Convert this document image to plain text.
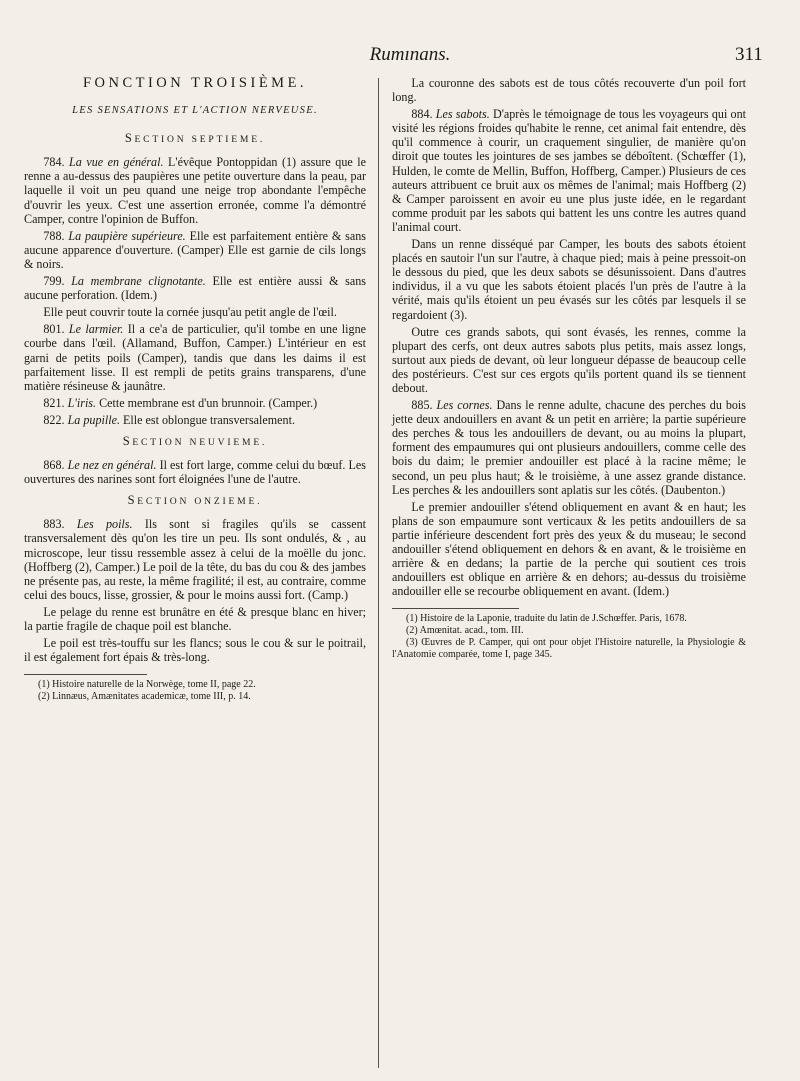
Rumınans.	311
FONCTION TROISIÈME.
LES SENSATIONS ET L'ACTION NERVEUSE.
SECTION SEPTIEME.

784. La vue en général. L'évêque Pontoppidan (1) assure que le renne a au-dessus des paupières une petite ouverture dans la peau, par laquelle il voit un peu quand une neige trop abondante l'empêche d'ouvrir les yeux. C'est une assertion erronée, comme l'a démontré Camper, contre l'opinion de Buffon.

788. La paupière supérieure. Elle est parfaitement entière & sans aucune apparence d'ouverture. (Camper) Elle est garnie de cils longs & noirs.

799. La membrane clignotante. Elle est entière aussi & sans aucune perforation. (Idem.)

Elle peut couvrir toute la cornée jusqu'au petit angle de l'œil.

801. Le larmier. Il a ce'a de particulier, qu'il tombe en une ligne courbe dans l'œil. (Allamand, Buffon, Camper.) L'intérieur en est garni de petits poils (Camper), tandis que dans les daims il est parfaitement lisse. Il est rempli de petits grains transparens, d'une matière résineuse & jaunâtre.

821. L'iris. Cette membrane est d'un brunnoir. (Camper.)

822. La pupille. Elle est oblongue transversalement.

SECTION NEUVIEME.

868. Le nez en général. Il est fort large, comme celui du bœuf. Les ouvertures des narines sont fort éloignées l'une de l'autre.

SECTION ONZIEME.

883. Les poils. Ils sont si fragiles qu'ils se cassent transversalement dès qu'on les tire un peu. Ils sont ondulés, & , au microscope, leur tissu ressemble assez à celui de la moëlle du jonc. (Hoffberg (2), Camper.) Le poil de la tête, du bas du cou & des jambes ne présente pas, au reste, la même fragilité; il est, au contraire, comme celui des boucs, lisse, grossier, & pour le moins aussi fort. (Camp.)

Le pelage du renne est brunâtre en été & presque blanc en hiver; la partie fragile de chaque poil est blanche.

Le poil est très-touffu sur les flancs; sous le cou & sur le poitrail, il est également fort épais & très-long.

(1) Histoire naturelle de la Norwège, tome II, page 22.

(2) Linnæus, Amænitates academicæ, tome III, p. 14.

La couronne des sabots est de tous côtés recouverte d'un poil fort long.

884. Les sabots. D'après le témoignage de tous les voyageurs qui ont visité les régions froides qu'habite le renne, cet animal fait entendre, dès qu'il commence à courir, un craquement singulier, de manière qu'on diroit que toutes les jointures de ses jambes se déboîtent. (Schœffer (1), Hulden, le comte de Mellin, Buffon, Hoffberg, Camper.) Plusieurs de ces auteurs attribuent ce bruit aux os mêmes de l'animal; mais Hoffberg (2) & Camper paroissent en avoir eu une plus juste idée, en le regardant comme produit par les sabots qui battent les uns contre les autres quand l'animal court.

Dans un renne disséqué par Camper, les bouts des sabots étoient placés en sautoir l'un sur l'autre, à chaque pied; mais à peine pressoit-on le dessous du pied, que les deux sabots se désunissoient. Dans d'autres individus, il a vu que les sabots étoient placés l'un près de l'autre à la vérité, mais qu'ils étoient un peu évasés sur les côtés par lesquels il se regardoient (3).

Outre ces grands sabots, qui sont évasés, les rennes, comme la plupart des cerfs, ont deux autres sabots plus petits, mais assez longs, surtout aux pieds de devant, où leur longueur dépasse de beaucoup celle des postérieurs. C'est sur ces ergots qu'ils portent quand ils se tiennent debout.

885. Les cornes. Dans le renne adulte, chacune des perches du bois jette deux andouillers en avant & un petit en arrière; la partie supérieure des perches & tous les andouillers de devant, ou au moins la plupart, forment des empaumures qui ont plusieurs andouillers, comme celle des bois du daim; le premier andouiller est placé à la racine même; le second, un peu plus haut; & le troisième, à une assez grande distance. Les perches & les andouillers sont aplatis sur les côtés. (Daubenton.)

Le premier andouiller s'étend obliquement en avant & en haut; les plans de son empaumure sont verticaux & les petits andouillers de sa partie inférieure descendent fort près des yeux & du museau; le second andouiller s'étend obliquement en dehors & en avant, & le troisième en arrière & en dedans; la partie de la perche qui soutient ces trois andouillers est oblique en arrière & en dehors; au-dessus du troisième andouiller elle se recourbe obliquement en avant. (Idem.)

(1) Histoire de la Laponie, traduite du latin de J.Schœffer. Paris, 1678.

(2) Amœnitat. acad., tom. III.

(3) Œuvres de P. Camper, qui ont pour objet l'Histoire naturelle, la Physiologie & l'Anatomie comparée, tome I, page 345.
